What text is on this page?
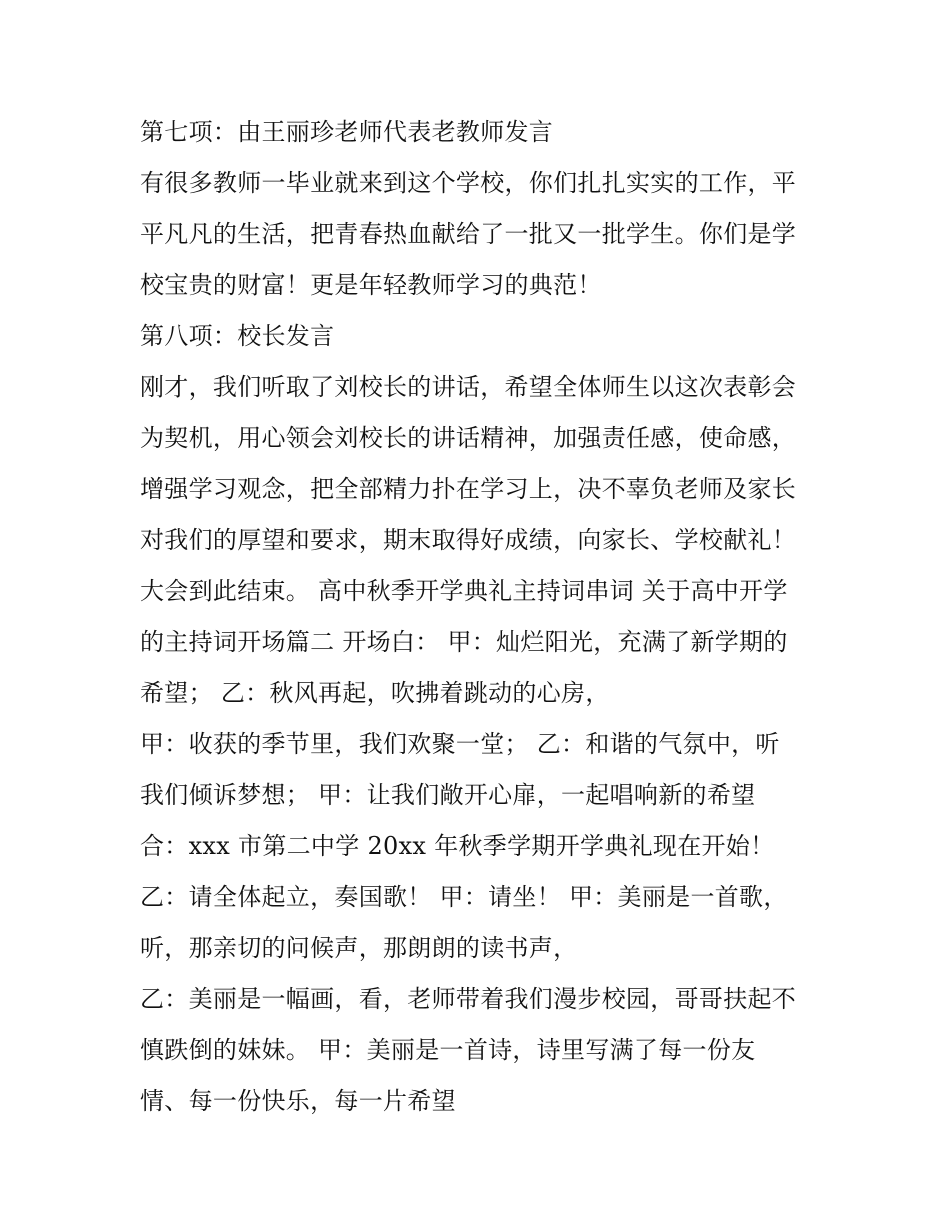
第七项：由王丽珍老师代表老教师发言
有很多教师一毕业就来到这个学校，你们扎扎实实的工作，平
平凡凡的生活，把青春热血献给了一批又一批学生。你们是学
校宝贵的财富！更是年轻教师学习的典范！
第八项：校长发言
刚才，我们听取了刘校长的讲话，希望全体师生以这次表彰会
为契机，用心领会刘校长的讲话精神，加强责任感，使命感，
增强学习观念，把全部精力扑在学习上，决不辜负老师及家长
对我们的厚望和要求，期末取得好成绩，向家长、学校献礼！
大会到此结束。 高中秋季开学典礼主持词串词 关于高中开学
的主持词开场篇二 开场白： 甲：灿烂阳光，充满了新学期的
希望； 乙：秋风再起，吹拂着跳动的心房，
甲：收获的季节里，我们欢聚一堂； 乙：和谐的气氛中，听
我们倾诉梦想； 甲：让我们敞开心扉，一起唱响新的希望
合：xxx 市第二中学 20xx 年秋季学期开学典礼现在开始！
乙：请全体起立，奏国歌！ 甲：请坐！ 甲：美丽是一首歌，
听，那亲切的问候声，那朗朗的读书声，
乙：美丽是一幅画，看，老师带着我们漫步校园，哥哥扶起不
慎跌倒的妹妹。 甲：美丽是一首诗，诗里写满了每一份友
情、每一份快乐，每一片希望
